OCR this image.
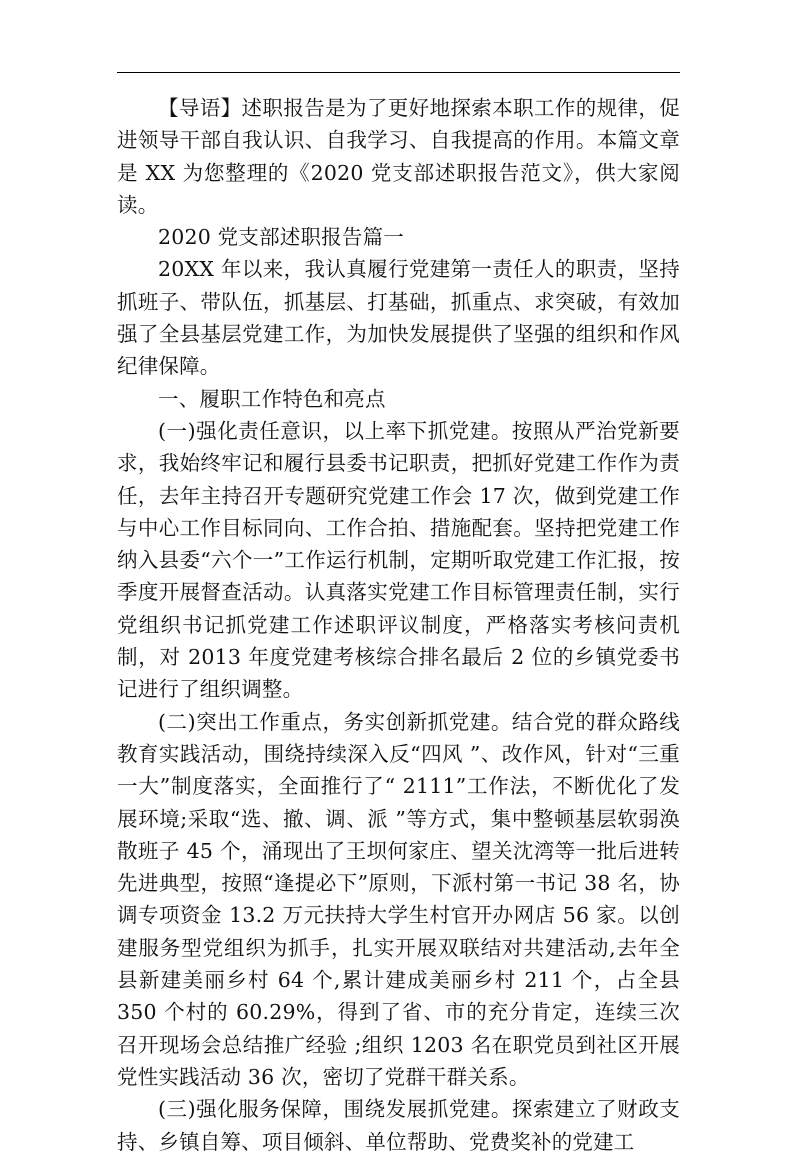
【导语】述职报告是为了更好地探索本职工作的规律，促进领导干部自我认识、自我学习、自我提高的作用。本篇文章是 XX 为您整理的《2020 党支部述职报告范文》，供大家阅读。

2020 党支部述职报告篇一

20XX 年以来，我认真履行党建第一责任人的职责，坚持抓班子、带队伍，抓基层、打基础，抓重点、求突破，有效加强了全县基层党建工作，为加快发展提供了坚强的组织和作风纪律保障。

一、履职工作特色和亮点

(一)强化责任意识，以上率下抓党建。按照从严治党新要求，我始终牢记和履行县委书记职责，把抓好党建工作作为责任，去年主持召开专题研究党建工作会 17 次，做到党建工作与中心工作目标同向、工作合拍、措施配套。坚持把党建工作纳入县委“六个一”工作运行机制，定期听取党建工作汇报，按季度开展督查活动。认真落实党建工作目标管理责任制，实行党组织书记抓党建工作述职评议制度，严格落实考核问责机制，对 2013 年度党建考核综合排名最后 2 位的乡镇党委书记进行了组织调整。

(二)突出工作重点，务实创新抓党建。结合党的群众路线教育实践活动，围绕持续深入反“四风 ”、改作风，针对“三重一大”制度落实，全面推行了“ 2111”工作法，不断优化了发展环境;采取“选、撤、调、派 ”等方式，集中整顿基层软弱涣散班子 45 个，涌现出了王坝何家庄、望关沈湾等一批后进转先进典型，按照“逢提必下”原则，下派村第一书记 38 名，协调专项资金 13.2 万元扶持大学生村官开办网店 56 家。以创建服务型党组织为抓手，扎实开展双联结对共建活动,去年全县新建美丽乡村 64 个,累计建成美丽乡村 211 个，占全县 350 个村的 60.29%，得到了省、市的充分肯定，连续三次召开现场会总结推广经验 ;组织 1203 名在职党员到社区开展党性实践活动 36 次，密切了党群干群关系。

(三)强化服务保障，围绕发展抓党建。探索建立了财政支持、乡镇自筹、项目倾斜、单位帮助、党费奖补的党建工
